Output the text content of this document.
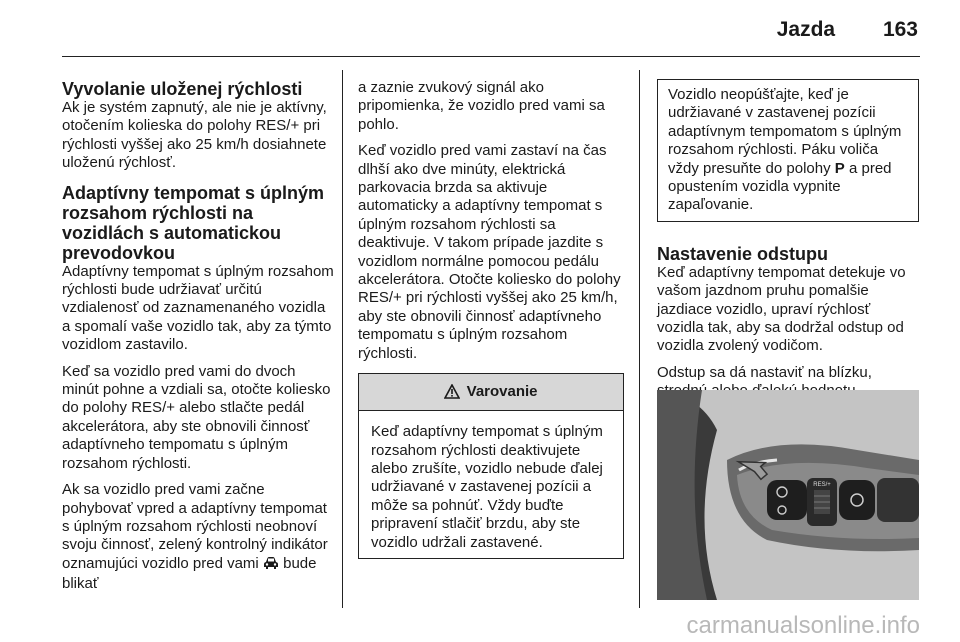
Jazda 163
Vyvolanie uloženej rýchlosti

Ak je systém zapnutý, ale nie je aktívny, otočením kolieska do polohy RES/+ pri rýchlosti vyššej ako 25 km/h dosiahnete uloženú rýchlosť.

Adaptívny tempomat s úplným rozsahom rýchlosti na vozidlách s automatickou prevodovkou

Adaptívny tempomat s úplným rozsahom rýchlosti bude udržiavať určitú vzdialenosť od zaznamenaného vozidla a spomalí vaše vozidlo tak, aby za týmto vozidlom zastavilo.

Keď sa vozidlo pred vami do dvoch minút pohne a vzdiali sa, otočte koliesko do polohy RES/+ alebo stlačte pedál akcelerátora, aby ste obnovili činnosť adaptívneho tempomatu s úplným rozsahom rýchlosti.

Ak sa vozidlo pred vami začne pohybovať vpred a adaptívny tempomat s úplným rozsahom rýchlosti neobnoví svoju činnosť, zelený kontrolný indikátor oznamujúci vozidlo pred vami bude blikať

a zaznie zvukový signál ako pripomienka, že vozidlo pred vami sa pohlo.

Keď vozidlo pred vami zastaví na čas dlhší ako dve minúty, elektrická parkovacia brzda sa aktivuje automaticky a adaptívny tempomat s úplným rozsahom rýchlosti sa deaktivuje. V takom prípade jazdite s vozidlom normálne pomocou pedálu akcelerátora. Otočte koliesko do polohy RES/+ pri rýchlosti vyššej ako 25 km/h, aby ste obnovili činnosť adaptívneho tempomatu s úplným rozsahom rýchlosti.

Varovanie
Keď adaptívny tempomat s úplným rozsahom rýchlosti deaktivujete alebo zrušíte, vozidlo nebude ďalej udržiavané v zastavenej pozícii a môže sa pohnúť. Vždy buďte pripravení stlačiť brzdu, aby ste vozidlo udržali zastavené.
Vozidlo neopúšťajte, keď je udržiavané v zastavenej pozícii adaptívnym tempomatom s úplným rozsahom rýchlosti. Páku voliča vždy presuňte do polohy P a pred opustením vozidla vypnite zapaľovanie.
Nastavenie odstupu

Keď adaptívny tempomat detekuje vo vašom jazdnom pruhu pomalšie jazdiace vozidlo, upraví rýchlosť vozidla tak, aby sa dodržal odstup od vozidla zvolený vodičom.

Odstup sa dá nastaviť na blízku,

RES/+
carmanualsonline.info
